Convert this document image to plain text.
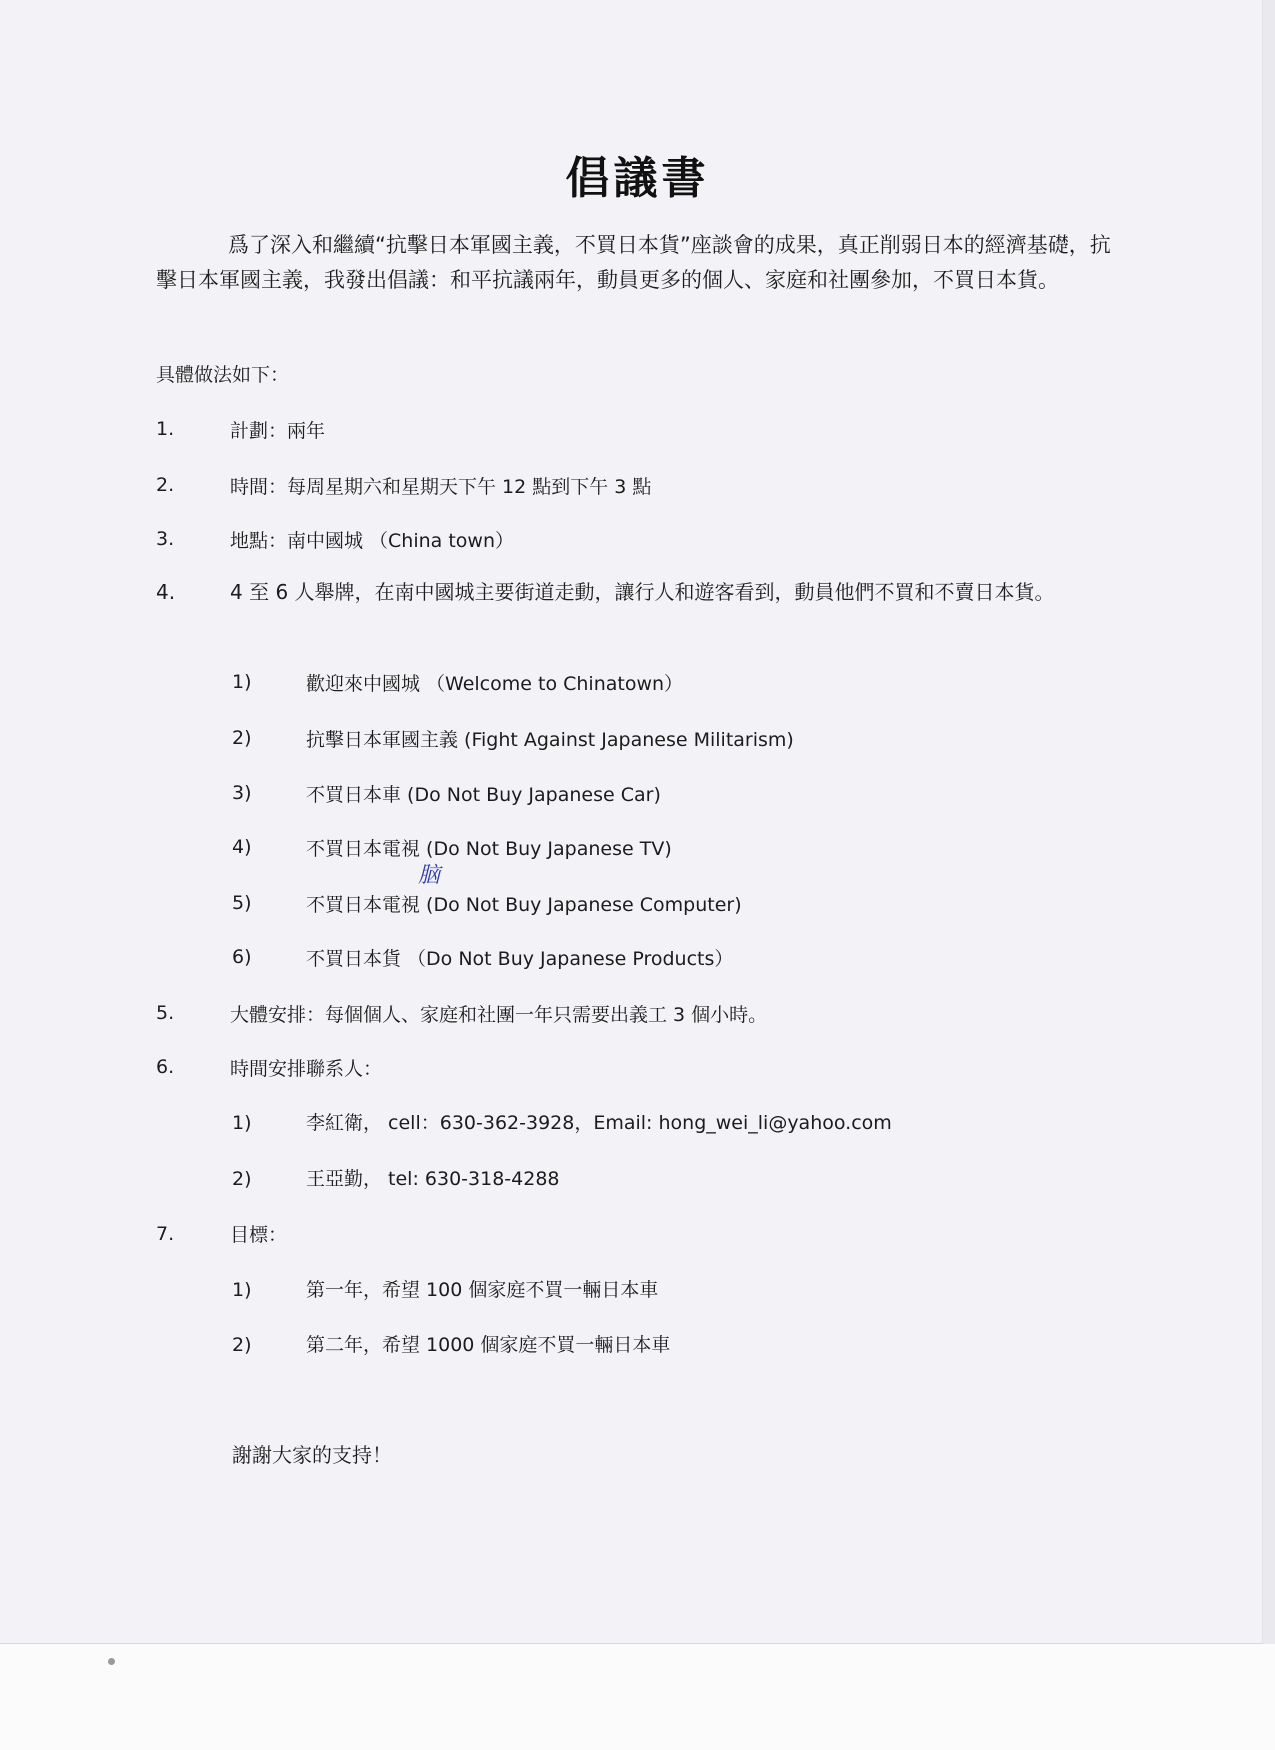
倡議書
爲了深入和繼續“抗擊日本軍國主義，不買日本貨”座談會的成果，真正削弱日本的經濟基礎，抗擊日本軍國主義，我發出倡議：和平抗議兩年，動員更多的個人、家庭和社團參加，不買日本貨。
具體做法如下：
1.	計劃：兩年
2.	時間：每周星期六和星期天下午 12 點到下午 3 點
3.	地點：南中國城 （China town）
4.	4 至 6 人舉牌，在南中國城主要街道走動，讓行人和遊客看到，動員他們不買和不賣日本貨。
1)	歡迎來中國城 （Welcome to Chinatown）
2)	抗擊日本軍國主義 (Fight Against Japanese Militarism)
3)	不買日本車 (Do Not Buy Japanese Car)
4)	不買日本電視 (Do Not Buy Japanese TV)
脑
5)	不買日本電視 (Do Not Buy Japanese Computer)
6)	不買日本貨 （Do Not Buy Japanese Products）
5.	大體安排：每個個人、家庭和社團一年只需要出義工 3 個小時。
6.	時間安排聯系人：
1)	李紅衛， cell：630-362-3928，Email: hong_wei_li@yahoo.com
2)	王亞勤， tel: 630-318-4288
7.	目標：
1)	第一年，希望 100 個家庭不買一輛日本車
2)	第二年，希望 1000 個家庭不買一輛日本車
謝謝大家的支持！
